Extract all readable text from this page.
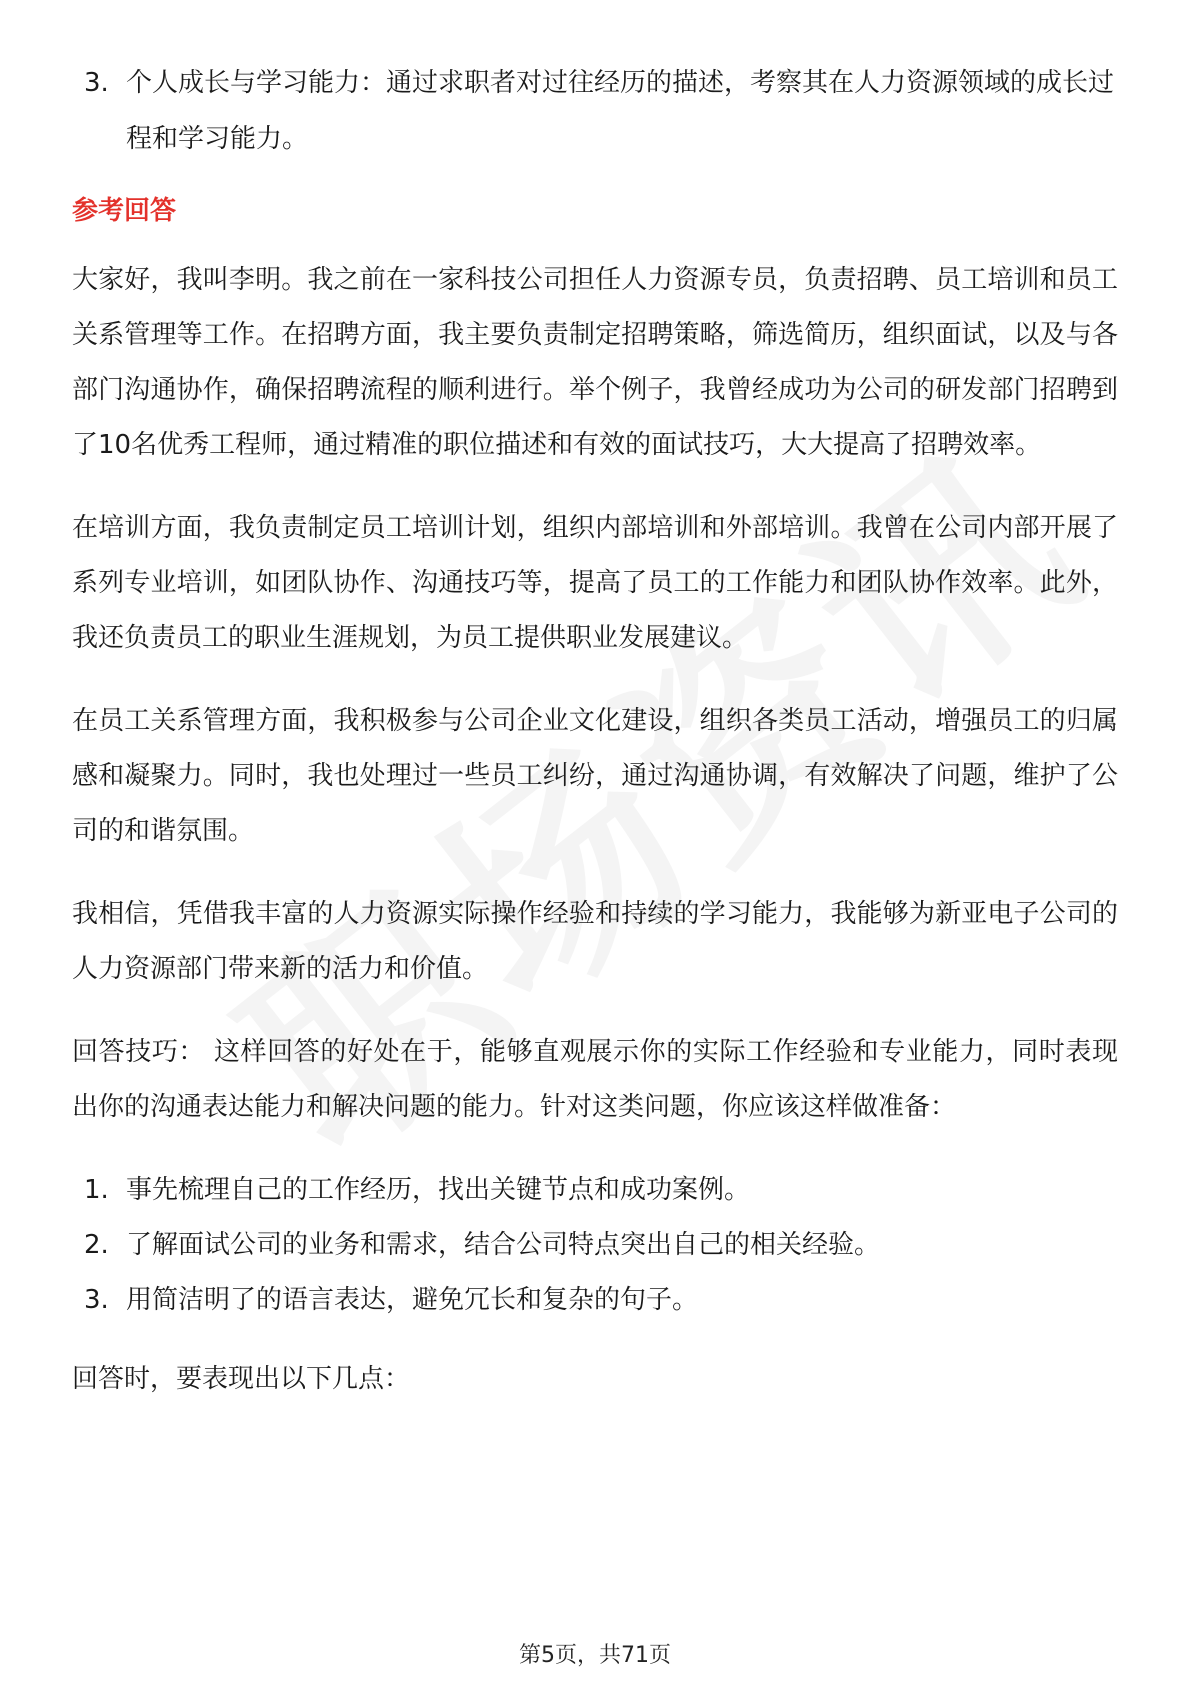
3. 个人成长与学习能力：通过求职者对过往经历的描述，考察其在人力资源领域的成长过程和学习能力。
参考回答

大家好，我叫李明。我之前在一家科技公司担任人力资源专员，负责招聘、员工培训和员工关系管理等工作。在招聘方面，我主要负责制定招聘策略，筛选简历，组织面试，以及与各部门沟通协作，确保招聘流程的顺利进行。举个例子，我曾经成功为公司的研发部门招聘到了10名优秀工程师，通过精准的职位描述和有效的面试技巧，大大提高了招聘效率。

在培训方面，我负责制定员工培训计划，组织内部培训和外部培训。我曾在公司内部开展了系列专业培训，如团队协作、沟通技巧等，提高了员工的工作能力和团队协作效率。此外，我还负责员工的职业生涯规划，为员工提供职业发展建议。

在员工关系管理方面，我积极参与公司企业文化建设，组织各类员工活动，增强员工的归属感和凝聚力。同时，我也处理过一些员工纠纷，通过沟通协调，有效解决了问题，维护了公司的和谐氛围。

我相信，凭借我丰富的人力资源实际操作经验和持续的学习能力，我能够为新亚电子公司的人力资源部门带来新的活力和价值。

回答技巧： 这样回答的好处在于，能够直观展示你的实际工作经验和专业能力，同时表现出你的沟通表达能力和解决问题的能力。针对这类问题，你应该这样做准备：

1. 事先梳理自己的工作经历，找出关键节点和成功案例。
2. 了解面试公司的业务和需求，结合公司特点突出自己的相关经验。
3. 用简洁明了的语言表达，避免冗长和复杂的句子。

回答时，要表现出以下几点：

第5页，共71页
